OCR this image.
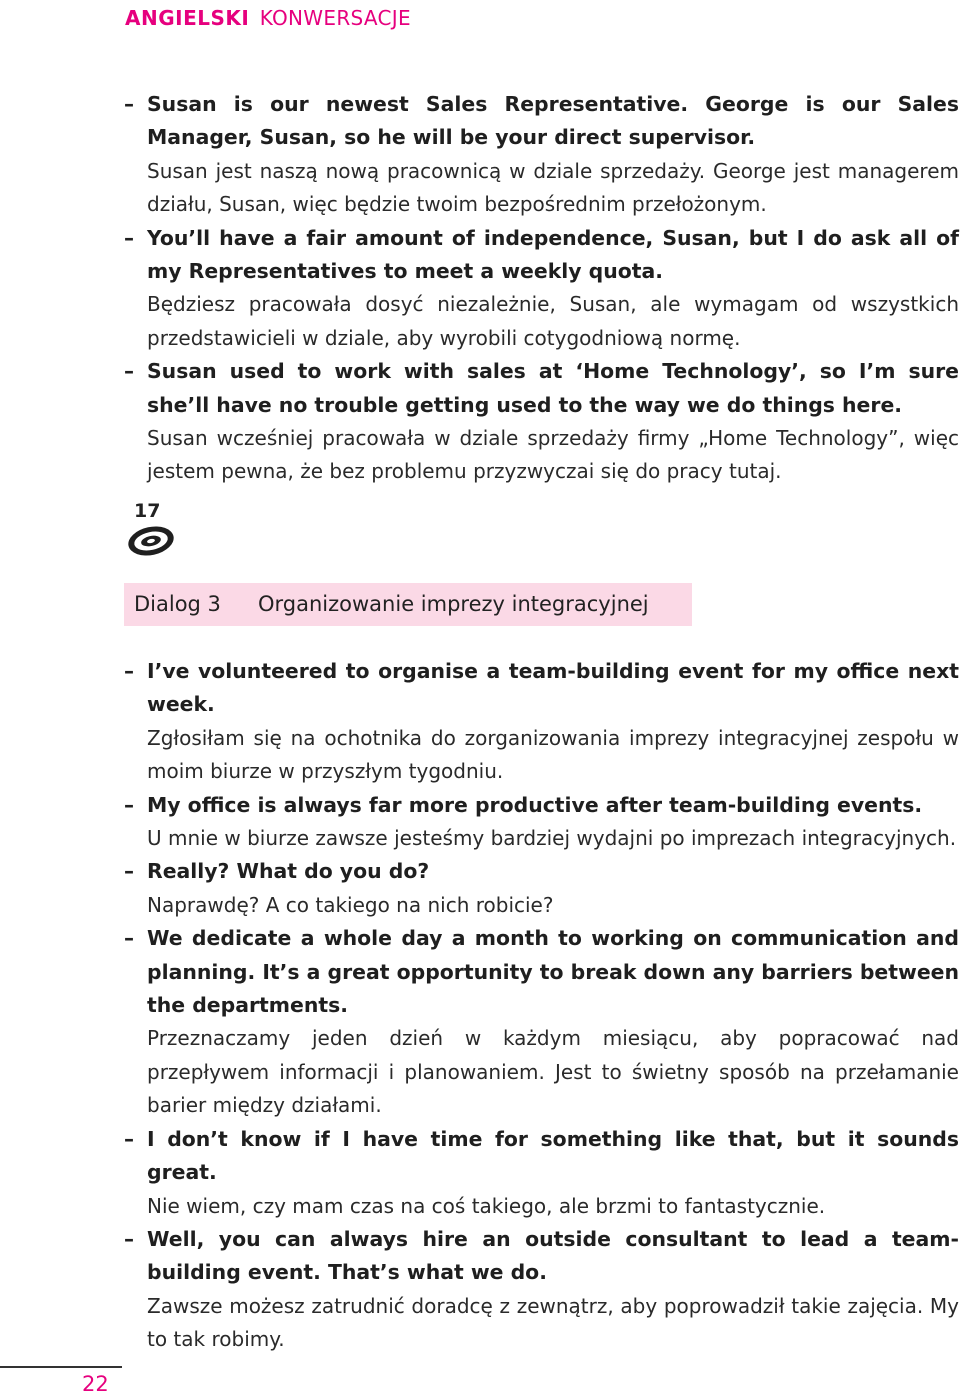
ANGIELSKI KONWERSACJE
– Susan is our newest Sales Representative. George is our Sales Manager, Susan, so he will be your direct supervisor.
Susan jest naszą nową pracownicą w dziale sprzedaży. George jest managerem działu, Susan, więc będzie twoim bezpośrednim przełożonym.
– You’ll have a fair amount of independence, Susan, but I do ask all of my Representatives to meet a weekly quota.
Będziesz pracowała dosyć niezależnie, Susan, ale wymagam od wszystkich przedstawicieli w dziale, aby wyrobili cotygodniową normę.
– Susan used to work with sales at ‘Home Technology’, so I’m sure she’ll have no trouble getting used to the way we do things here.
Susan wcześniej pracowała w dziale sprzedaży firmy „Home Technology”, więc jestem pewna, że bez problemu przyzwyczai się do pracy tutaj.
17
Dialog 3 Organizowanie imprezy integracyjnej
– I’ve volunteered to organise a team-building event for my office next week.
Zgłosiłam się na ochotnika do zorganizowania imprezy integracyjnej zespołu w moim biurze w przyszłym tygodniu.
– My office is always far more productive after team-building events.
U mnie w biurze zawsze jesteśmy bardziej wydajni po imprezach integracyjnych.
– Really? What do you do?
Naprawdę? A co takiego na nich robicie?
– We dedicate a whole day a month to working on communication and planning. It’s a great opportunity to break down any barriers between the departments.
Przeznaczamy jeden dzień w każdym miesiącu, aby popracować nad przepływem informacji i planowaniem. Jest to świetny sposób na przełamanie barier między działami.
– I don’t know if I have time for something like that, but it sounds great.
Nie wiem, czy mam czas na coś takiego, ale brzmi to fantastycznie.
– Well, you can always hire an outside consultant to lead a team-building event. That’s what we do.
Zawsze możesz zatrudnić doradcę z zewnątrz, aby poprowadził takie zajęcia. My to tak robimy.
22
